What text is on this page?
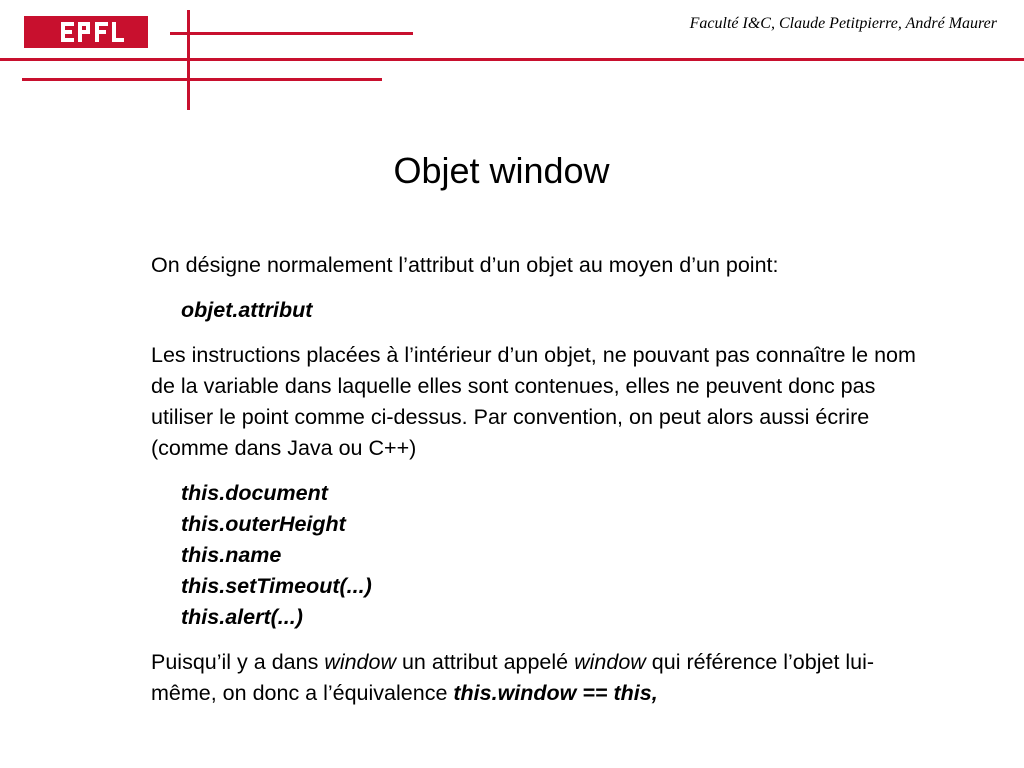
Faculté I&C, Claude Petitpierre, André Maurer
Objet window

On désigne normalement l’attribut d’un objet au moyen d’un point:

objet.attribut

Les instructions placées à l’intérieur d’un objet, ne pouvant pas connaître le nom de la variable dans laquelle elles sont contenues, elles ne peuvent donc pas utiliser le point comme ci-dessus. Par convention, on peut alors aussi écrire (comme dans Java ou C++)

this.document
this.outerHeight
this.name
this.setTimeout(...)
this.alert(...)

Puisqu’il y a dans window un attribut appelé window qui référence l’objet lui-même, on donc a l’équivalence this.window == this,
